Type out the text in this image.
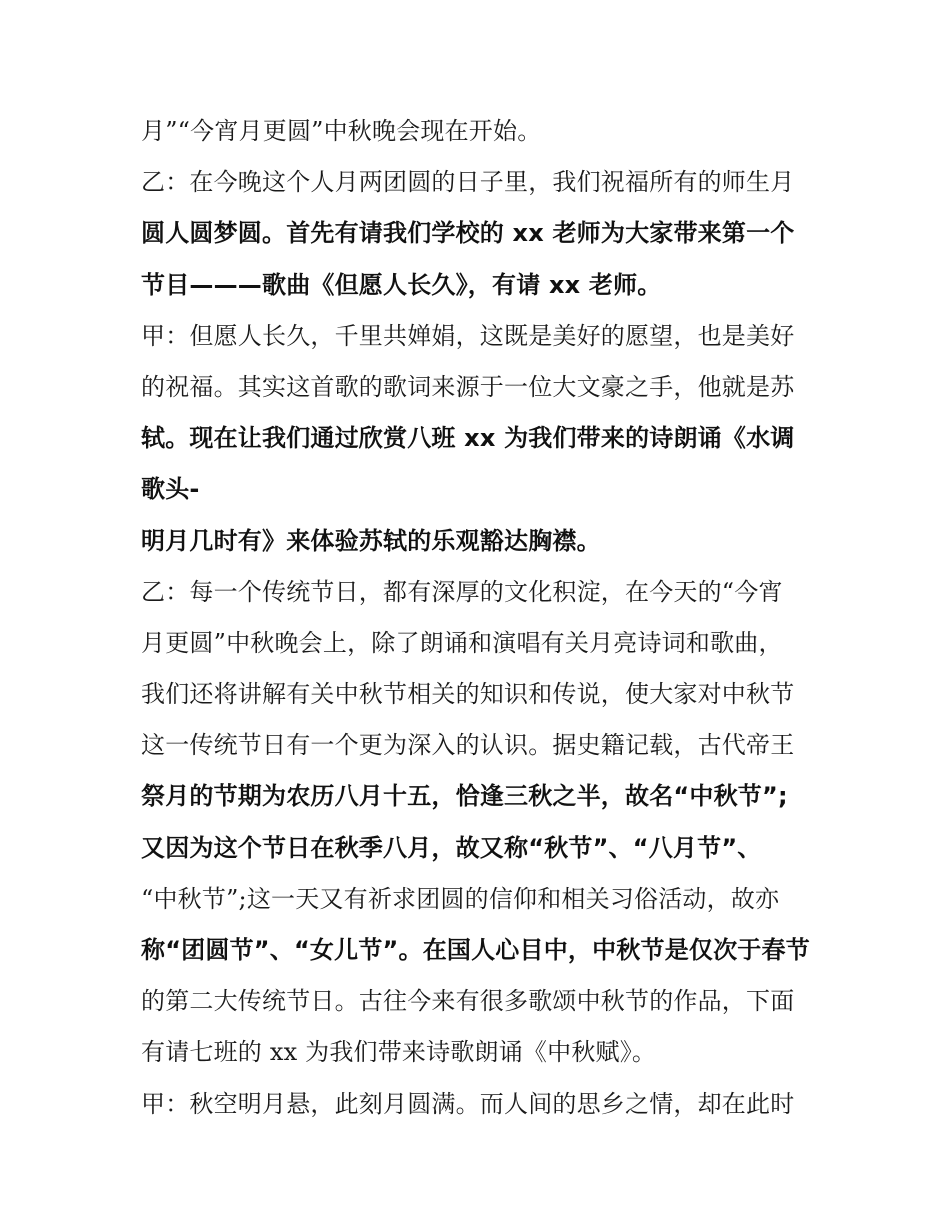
月”“今宵月更圆”中秋晚会现在开始。
乙：在今晚这个人月两团圆的日子里，我们祝福所有的师生月
圆人圆梦圆。首先有请我们学校的 xx 老师为大家带来第一个
节目———歌曲《但愿人长久》，有请 xx 老师。
甲：但愿人长久，千里共婵娟，这既是美好的愿望，也是美好
的祝福。其实这首歌的歌词来源于一位大文豪之手，他就是苏
轼。现在让我们通过欣赏八班 xx 为我们带来的诗朗诵《水调
歌头-
明月几时有》来体验苏轼的乐观豁达胸襟。
乙：每一个传统节日，都有深厚的文化积淀，在今天的“今宵
月更圆”中秋晚会上，除了朗诵和演唱有关月亮诗词和歌曲，
我们还将讲解有关中秋节相关的知识和传说，使大家对中秋节
这一传统节日有一个更为深入的认识。据史籍记载，古代帝王
祭月的节期为农历八月十五，恰逢三秋之半，故名“中秋节”;
又因为这个节日在秋季八月，故又称“秋节”、“八月节”、
“中秋节”;这一天又有祈求团圆的信仰和相关习俗活动，故亦
称“团圆节”、“女儿节”。在国人心目中，中秋节是仅次于春节
的第二大传统节日。古往今来有很多歌颂中秋节的作品，下面
有请七班的 xx 为我们带来诗歌朗诵《中秋赋》。
甲：秋空明月悬，此刻月圆满。而人间的思乡之情，却在此时
